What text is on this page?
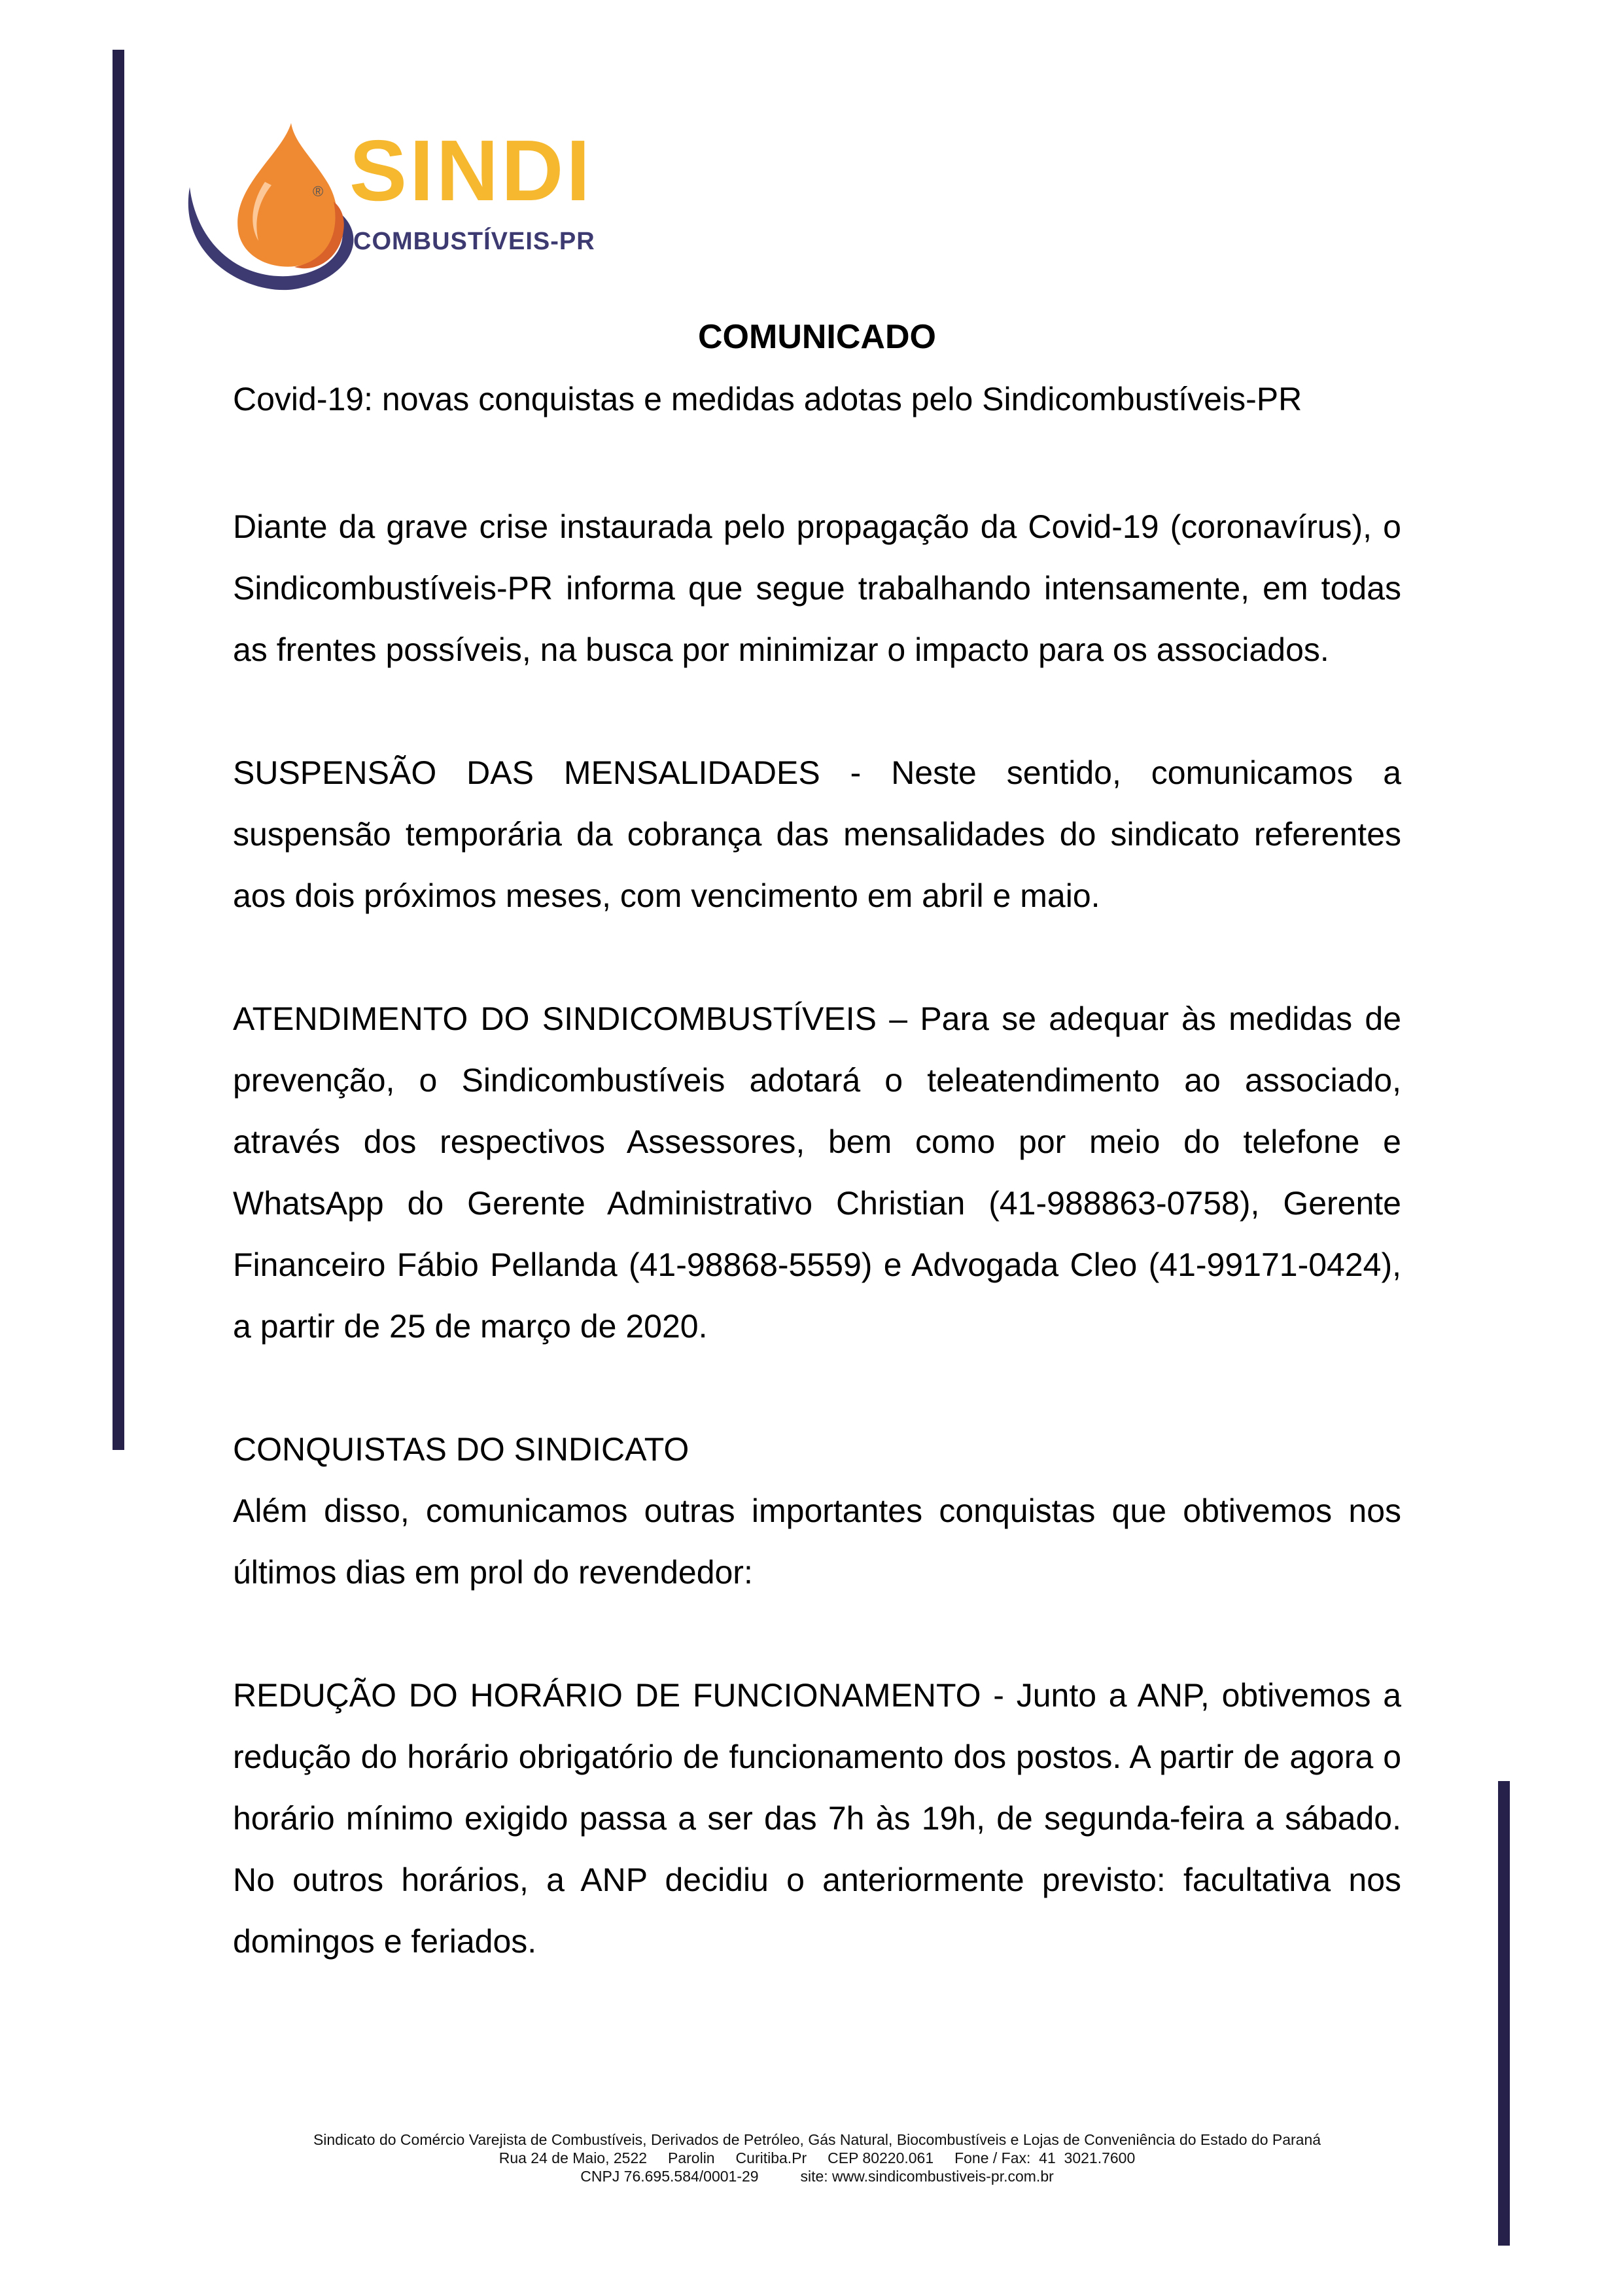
SINDI
®
COMBUSTÍVEIS-PR
COMUNICADO
Covid-19: novas conquistas e medidas adotas pelo Sindicombustíveis-PR

Diante da grave crise instaurada pelo propagação da Covid-19 (coronavírus), o Sindicombustíveis-PR informa que segue trabalhando intensamente, em todas as frentes possíveis, na busca por minimizar o impacto para os associados.

SUSPENSÃO DAS MENSALIDADES - Neste sentido, comunicamos a suspensão temporária da cobrança das mensalidades do sindicato referentes aos dois próximos meses, com vencimento em abril e maio.

ATENDIMENTO DO SINDICOMBUSTÍVEIS – Para se adequar às medidas de prevenção, o Sindicombustíveis adotará o teleatendimento ao associado, através dos respectivos Assessores, bem como por meio do telefone e WhatsApp do Gerente Administrativo Christian (41-988863-0758), Gerente Financeiro Fábio Pellanda (41-98868-5559) e Advogada Cleo (41-99171-0424), a partir de 25 de março de 2020.

CONQUISTAS DO SINDICATO

Além disso, comunicamos outras importantes conquistas que obtivemos nos últimos dias em prol do revendedor:

REDUÇÃO DO HORÁRIO DE FUNCIONAMENTO - Junto a ANP, obtivemos a redução do horário obrigatório de funcionamento dos postos. A partir de agora o horário mínimo exigido passa a ser das 7h às 19h, de segunda-feira a sábado. No outros horários, a ANP decidiu o anteriormente previsto: facultativa nos domingos e feriados.

Sindicato do Comércio Varejista de Combustíveis, Derivados de Petróleo, Gás Natural, Biocombustíveis e Lojas de Conveniência do Estado do Paraná
Rua 24 de Maio, 2522     Parolin     Curitiba.Pr     CEP 80220.061     Fone / Fax:  41  3021.7600
CNPJ 76.695.584/0001-29          site: www.sindicombustiveis-pr.com.br
